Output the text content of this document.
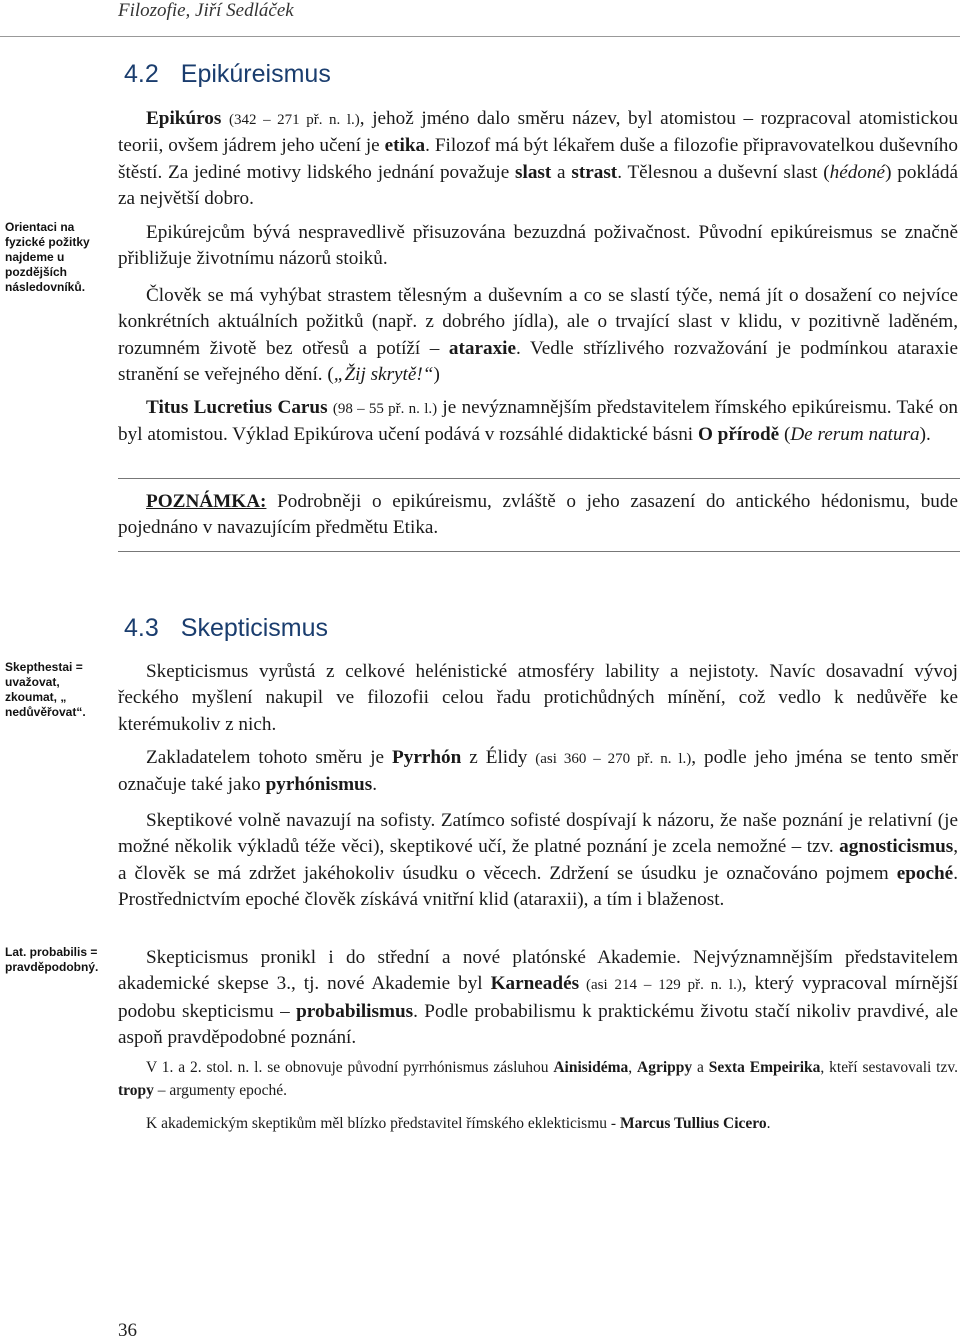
Filozofie, Jiří Sedláček
4.2 Epikúreismus
Orientaci na fyzické požitky najdeme u pozdějších následovníků.

Epikúros (342 – 271 př. n. l.), jehož jméno dalo směru název, byl atomistou – rozpracoval atomistickou teorii, ovšem jádrem jeho učení je etika. Filozof má být lékařem duše a filozofie připravovatelkou duševního štěstí. Za jediné motivy lidského jednání považuje slast a strast. Tělesnou a duševní slast (hédoné) pokládá za největší dobro.

Epikúrejcům bývá nespravedlivě přisuzována bezuzdná poživačnost. Původní epikúreismus se značně přibližuje životnímu názorů stoiků.

Člověk se má vyhýbat strastem tělesným a duševním a co se slastí týče, nemá jít o dosažení co nejvíce konkrétních aktuálních požitků (např. z dobrého jídla), ale o trvající slast v klidu, v pozitivně laděném, rozumném životě bez otřesů a potíží – ataraxie. Vedle střízlivého rozvažování je podmínkou ataraxie stranění se veřejného dění. („Žij skrytě!“)

Titus Lucretius Carus (98 – 55 př. n. l.) je nevýznamnějším představitelem římského epikúreismu. Také on byl atomistou. Výklad Epikúrova učení podává v rozsáhlé didaktické básni O přírodě (De rerum natura).

POZNÁMKA: Podrobněji o epikúreismu, zvláště o jeho zasazení do antického hédonismu, bude pojednáno v navazujícím předmětu Etika.

4.3 Skepticismus
Skepthestai = uvažovat, zkoumat, „ nedůvěřovat“.
Lat. probabilis = pravděpodobný.

Skepticismus vyrůstá z celkové helénistické atmosféry lability a nejistoty. Navíc dosavadní vývoj řeckého myšlení nakupil ve filozofii celou řadu protichůdných mínění, což vedlo k nedůvěře ke kterémukoliv z nich.

Zakladatelem tohoto směru je Pyrrhón z Élidy (asi 360 – 270 př. n. l.), podle jeho jména se tento směr označuje také jako pyrhónismus.

Skeptikové volně navazují na sofisty. Zatímco sofisté dospívají k názoru, že naše poznání je relativní (je možné několik výkladů téže věci), skeptikové učí, že platné poznání je zcela nemožné – tzv. agnosticismus, a člověk se má zdržet jakéhokoliv úsudku o věcech. Zdržení se úsudku je označováno pojmem epoché. Prostřednictvím epoché člověk získává vnitřní klid (ataraxii), a tím i blaženost.

Skepticismus pronikl i do střední a nové platónské Akademie. Nejvýznamnějším představitelem akademické skepse 3., tj. nové Akademie byl Karneadés (asi 214 – 129 př. n. l.), který vypracoval mírnější podobu skepticismu – probabilismus. Podle probabilismu k praktickému životu stačí nikoliv pravdivé, ale aspoň pravděpodobné poznání.

V 1. a 2. stol. n. l. se obnovuje původní pyrrhónismus zásluhou Ainisidéma, Agrippy a Sexta Empeirika, kteří sestavovali tzv. tropy – argumenty epoché.

K akademickým skeptikům měl blízko představitel římského eklekticismu - Marcus Tullius Cicero.

36
